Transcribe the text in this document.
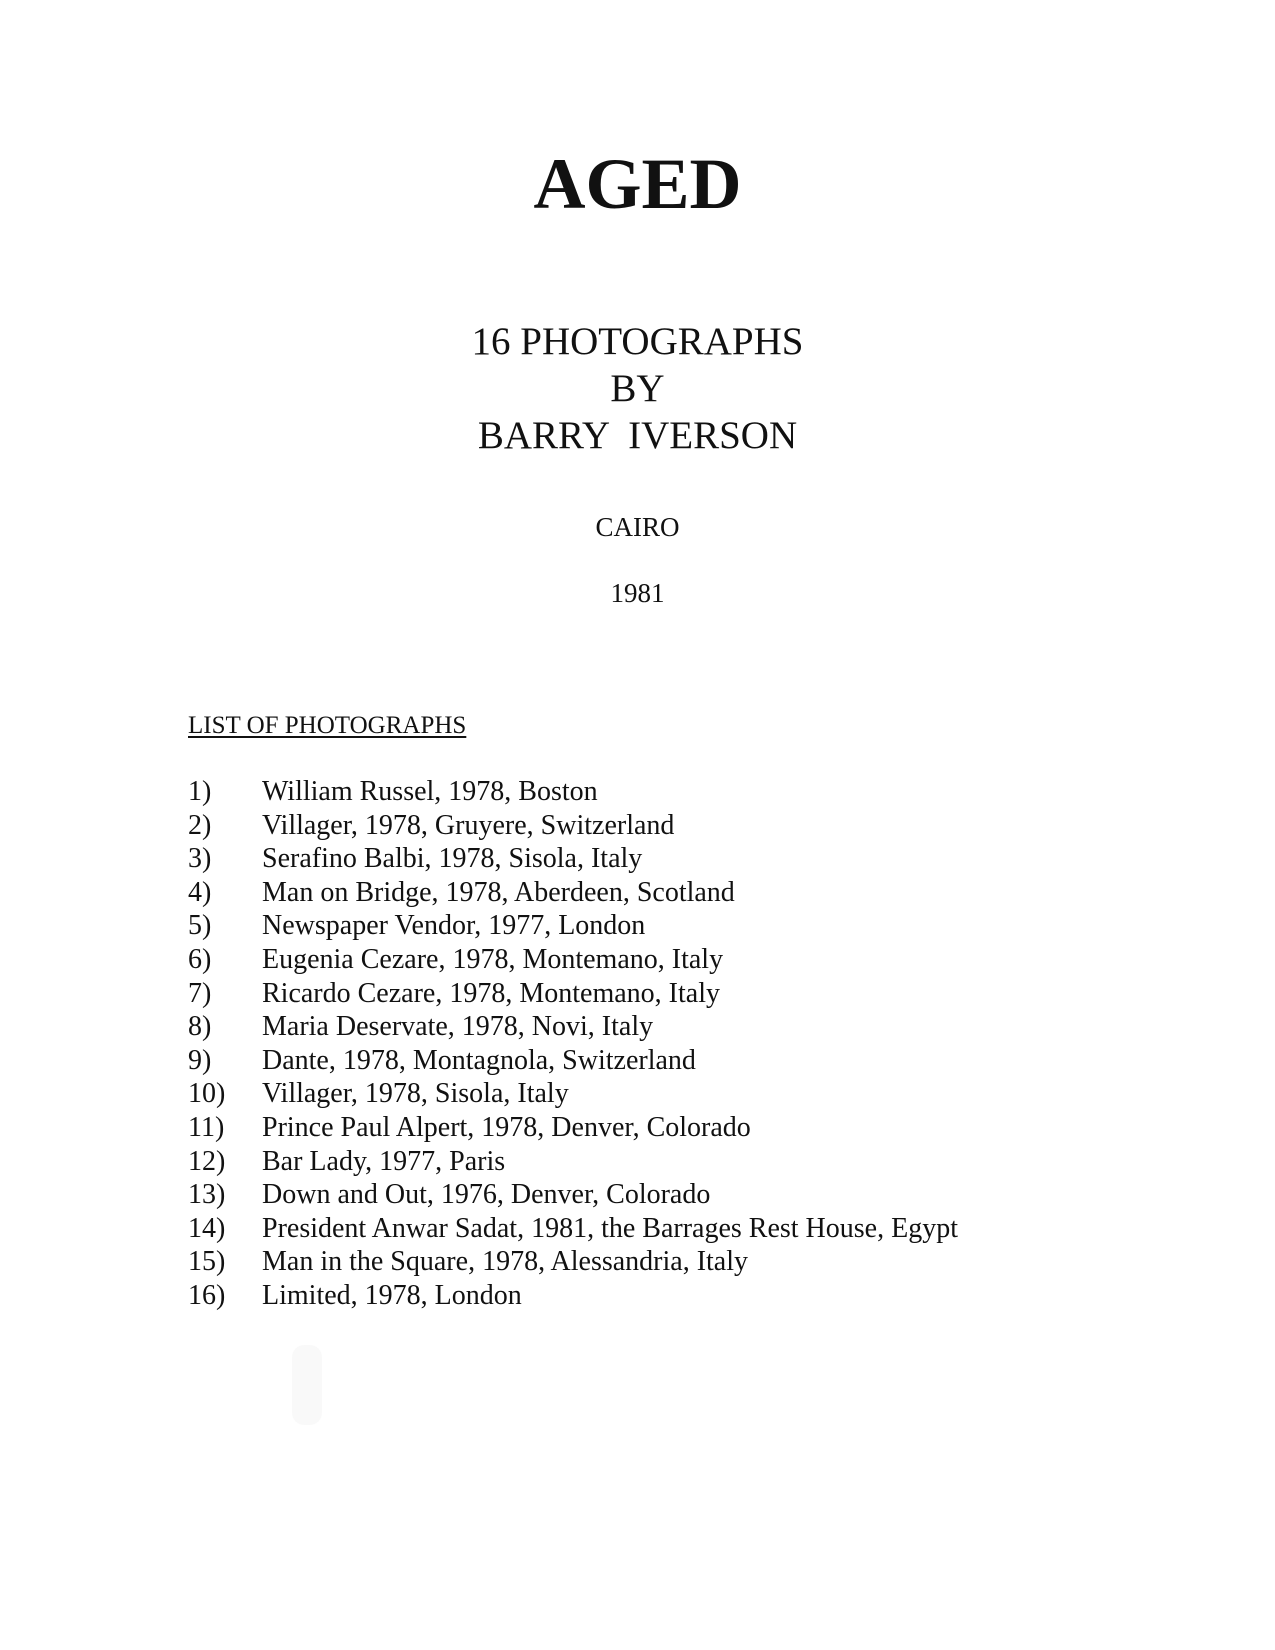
AGED
16 PHOTOGRAPHS
BY
BARRY  IVERSON
CAIRO
1981
LIST OF PHOTOGRAPHS
1)	William Russel, 1978, Boston
2)	Villager, 1978, Gruyere, Switzerland
3)	Serafino Balbi, 1978, Sisola, Italy
4)	Man on Bridge, 1978, Aberdeen, Scotland
5)	Newspaper Vendor, 1977, London
6)	Eugenia Cezare, 1978, Montemano, Italy
7)	Ricardo Cezare, 1978, Montemano, Italy
8)	Maria Deservate, 1978, Novi, Italy
9)	Dante, 1978, Montagnola, Switzerland
10)	Villager, 1978, Sisola, Italy
11)	Prince Paul Alpert, 1978, Denver, Colorado
12)	Bar Lady, 1977, Paris
13)	Down and Out, 1976, Denver, Colorado
14)	President Anwar Sadat, 1981, the Barrages Rest House, Egypt
15)	Man in the Square, 1978, Alessandria, Italy
16)	Limited, 1978, London
